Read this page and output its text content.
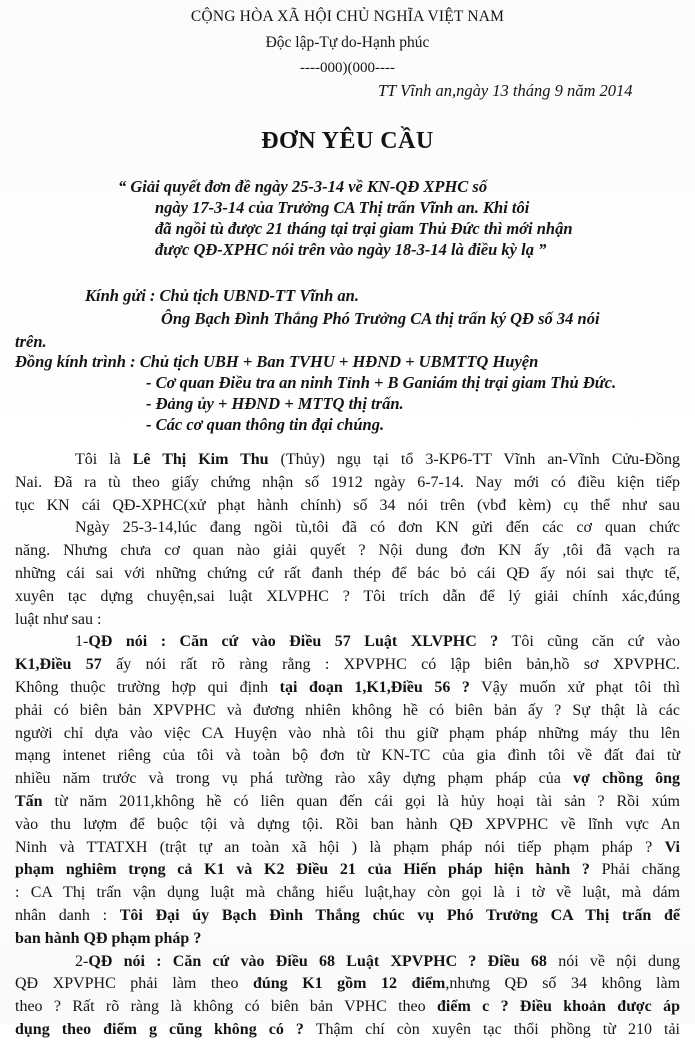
CỘNG HÒA XÃ HỘI CHỦ NGHĨA VIỆT NAM
Độc lập-Tự do-Hạnh phúc
----000)(000----
TT Vĩnh an,ngày 13 tháng 9 năm 2014
ĐƠN YÊU CẦU
“ Giải quyết đơn đề ngày 25-3-14 về KN-QĐ XPHC số
ngày 17-3-14 của Trưởng CA Thị trấn Vĩnh an. Khi tôi
đã ngồi tù được 21 tháng tại trại giam Thủ Đức thì mới nhận
được QĐ-XPHC nói trên vào ngày 18-3-14 là điều kỳ lạ ”
Kính gửi : Chủ tịch UBND-TT Vĩnh an.
Ông Bạch Đình Thắng Phó Trưởng CA thị trấn ký QĐ số 34 nói
trên.
Đồng kính trình : Chủ tịch UBH + Ban TVHU + HĐND + UBMTTQ Huyện
- Cơ quan Điều tra an ninh Tỉnh + B Ganiám thị trại giam Thủ Đức.
- Đảng ủy + HĐND + MTTQ thị trấn.
- Các cơ quan thông tin đại chúng.

Tôi là Lê Thị Kim Thu (Thủy) ngụ tại tổ 3-KP6-TT Vĩnh an-Vĩnh Cửu-Đồng

Nai. Đã ra tù theo giấy chứng nhận số 1912 ngày 6-7-14. Nay mới có điều kiện tiếp

tục KN cái QĐ-XPHC(xử phạt hành chính) số 34 nói trên (vbđ kèm) cụ thể như sau

Ngày 25-3-14,lúc đang ngồi tù,tôi đã có đơn KN gửi đến các cơ quan chức

năng. Nhưng chưa cơ quan nào giải quyết ? Nội dung đơn KN ấy ,tôi đã vạch ra

những cái sai với những chứng cứ rất đanh thép để bác bỏ cái QĐ ấy nói sai thực tế,

xuyên tạc dựng chuyện,sai luật XLVPHC ? Tôi trích dẫn để lý giải chính xác,đúng

luật như sau :

1-QĐ nói : Căn cứ vào Điều 57 Luật XLVPHC ? Tôi cũng căn cứ vào

K1,Điều 57 ấy nói rất rõ ràng rằng : XPVPHC có lập biên bản,hồ sơ XPVPHC.

Không thuộc trường hợp qui định tại đoạn 1,K1,Điều 56 ? Vậy muốn xử phạt tôi thì

phải có biên bản XPVPHC và đương nhiên không hề có biên bản ấy ? Sự thật là các

người chỉ dựa vào việc CA Huyện vào nhà tôi thu giữ phạm pháp những máy thu lên

mạng intenet riêng của tôi và toàn bộ đơn từ KN-TC của gia đình tôi về đất đai từ

nhiều năm trước và trong vụ phá tường rào xây dựng phạm pháp của vợ chồng ông

Tấn từ năm 2011,không hề có liên quan đến cái gọi là hủy hoại tài sản ? Rồi xúm

vào thu lượm để buộc tội và dựng tội. Rồi ban hành QĐ XPVPHC về lĩnh vực An

Ninh và TTATXH (trật tự an toàn xã hội ) là phạm pháp nói tiếp phạm pháp ? Vi

phạm nghiêm trọng cả K1 và K2 Điều 21 của Hiến pháp hiện hành ? Phải chăng

: CA Thị trấn vận dụng luật mà chẳng hiểu luật,hay còn gọi là i tờ về luật, mà dám

nhân danh : Tôi Đại úy Bạch Đình Thắng chúc vụ Phó Trưởng CA Thị trấn để

ban hành QĐ phạm pháp ?

2-QĐ nói : Căn cứ vào Điều 68 Luật XPVPHC ? Điều 68 nói về nội dung

QĐ XPVPHC phải làm theo đúng K1 gồm 12 điểm,nhưng QĐ số 34 không làm

theo ? Rất rõ ràng là không có biên bản VPHC theo điểm c ? Điều khoản được áp

dụng theo điểm g cũng không có ? Thậm chí còn xuyên tạc thổi phồng từ 210 tải
